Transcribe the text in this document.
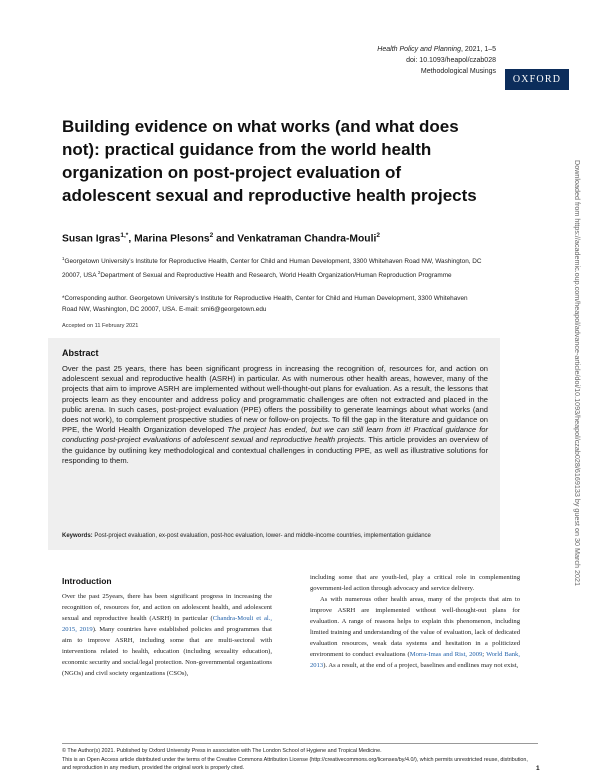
Health Policy and Planning, 2021, 1–5
doi: 10.1093/heapol/czab028
Methodological Musings
OXFORD
Building evidence on what works (and what does not): practical guidance from the world health organization on post-project evaluation of adolescent sexual and reproductive health projects
Susan Igras$^{1,*}$, Marina Plesons$^2$ and Venkatraman Chandra-Mouli$^2$
$^1$Georgetown University’s Institute for Reproductive Health, Center for Child and Human Development, 3300 Whitehaven Road NW, Washington, DC 20007, USA $^2$Department of Sexual and Reproductive Health and Research, World Health Organization/Human Reproduction Programme
*Corresponding author. Georgetown University’s Institute for Reproductive Health, Center for Child and Human Development, 3300 Whitehaven Road NW, Washington, DC 20007, USA. E-mail: smi6@georgetown.edu
Accepted on 11 February 2021
Abstract

Over the past 25 years, there has been significant progress in increasing the recognition of, resources for, and action on adolescent sexual and reproductive health (ASRH) in particular. As with numerous other health areas, however, many of the projects that aim to improve ASRH are implemented without well-thought-out plans for evaluation. As a result, the lessons that projects learn as they encounter and address policy and programmatic challenges are often not extracted and placed in the public arena. In such cases, post-project evaluation (PPE) offers the possibility to generate learnings about what works (and does not work), to complement prospective studies of new or follow-on projects. To fill the gap in the literature and guidance on PPE, the World Health Organization developed The project has ended, but we can still learn from it! Practical guidance for conducting post-project evaluations of adolescent sexual and reproductive health projects. This article provides an overview of the guidance by outlining key methodological and contextual challenges in conducting PPE, as well as illustrative solutions for responding to them.

Keywords: Post-project evaluation, ex-post evaluation, post-hoc evaluation, lower- and middle-income countries, implementation guidance

Introduction

Over the past 25years, there has been significant progress in increasing the recognition of, resources for, and action on adolescent health, and adolescent sexual and reproductive health (ASRH) in particular (Chandra-Mouli et al., 2015, 2019). Many countries have established policies and programmes that aim to improve ASRH, including some that are multi-sectoral with interventions related to health, education (including sexuality education), economic security and social/legal protection. Non-governmental organizations (NGOs) and civil society organizations (CSOs),

including some that are youth-led, play a critical role in complementing government-led action through advocacy and service delivery.

As with numerous other health areas, many of the projects that aim to improve ASRH are implemented without well-thought-out plans for evaluation. A range of reasons helps to explain this phenomenon, including limited training and understanding of the value of evaluation, lack of dedicated evaluation resources, weak data systems and hesitation in a politicized environment to conduct evaluations (Morra-Imas and Rist, 2009; World Bank, 2013). As a result, at the end of a project, baselines and endlines may not exist,

© The Author(s) 2021. Published by Oxford University Press in association with The London School of Hygiene and Tropical Medicine.
This is an Open Access article distributed under the terms of the Creative Commons Attribution License (http://creativecommons.org/licenses/by/4.0/), which permits unrestricted reuse, distribution, and reproduction in any medium, provided the original work is properly cited.	1
Downloaded from https://academic.oup.com/heapol/advance-article/doi/10.1093/heapol/czab028/6169133 by guest on 30 March 2021
